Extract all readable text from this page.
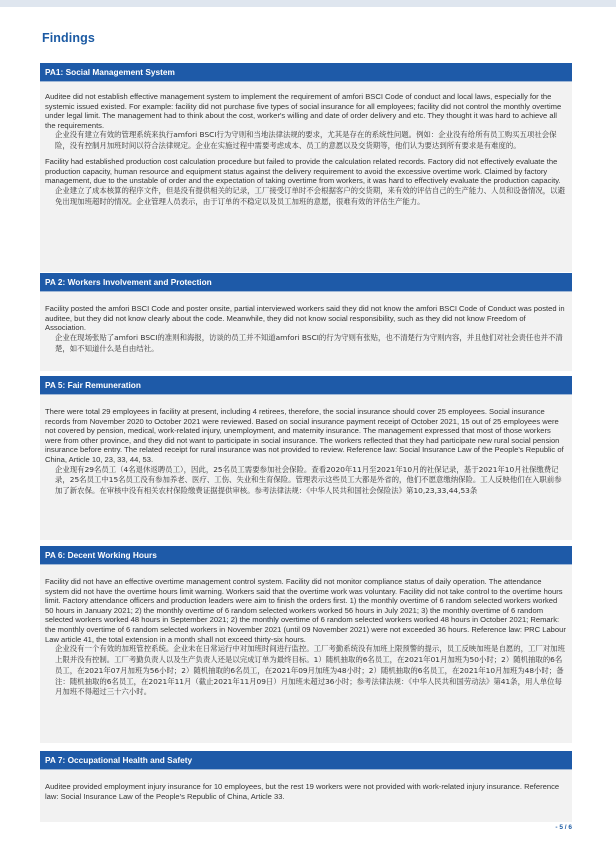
Findings
PA1: Social Management System

Auditee did not establish effective management system to implement the requirement of amfori BSCI Code of conduct and local laws, especially for the systemic issued existed. For example: facility did not purchase five types of social insurance for all employees; facility did not control the monthly overtime under legal limit. The management had to think about the cost, worker's willing and date of order delivery and etc. They thought it was hard to achieve all the requirements.

企业没有建立有效的管理系统来执行amfori BSCI行为守则和当地法律法规的要求，尤其是存在的系统性问题。例如：企业没有给所有员工购买五项社会保险，没有控制月加班时间以符合法律规定。企业在实施过程中需要考虑成本、员工的意愿以及交货期等，他们认为要达到所有要求是有难度的。

Facility had established production cost calculation procedure but failed to provide the calculation related records. Factory did not effectively evaluate the production capacity, human resource and equipment status against the delivery requirement to avoid the excessive overtime work. Claimed by factory management, due to the unstable of order and the expectation of taking overtime from workers, it was hard to effectively evaluate the production capacity.

企业建立了成本核算的程序文件，但是没有提供相关的记录，工厂接受订单时不会根据客户的交货期，来有效的评估自己的生产能力、人员和设备情况，以避免出现加班超时的情况。企业管理人员表示，由于订单的不稳定以及员工加班的意愿，很难有效的评估生产能力。

PA 2: Workers Involvement and Protection

Facility posted the amfori BSCI Code and poster onsite, partial interviewed workers said they did not know the amfori BSCI Code of Conduct was posted in auditee, but they did not know clearly about the code. Meanwhile, they did not know social responsibility, such as they did not know Freedom of Association.

企业在现场张贴了amfori BSCI的准则和海报，访谈的员工并不知道amfori BSCI的行为守则有张贴，也不清楚行为守则内容，并且他们对社会责任也并不清楚，如不知道什么是自由结社。

PA 5: Fair Remuneration

There were total 29 employees in facility at present, including 4 retirees, therefore, the social insurance should cover 25 employees. Social insurance records from November 2020 to October 2021 were reviewed. Based on social insurance payment receipt of October 2021, 15 out of 25 employees were not covered by pension, medical, work-related injury, unemployment, and maternity insurance. The management expressed that most of those workers were from other province, and they did not want to participate in social insurance. The workers reflected that they had participate new rural social pension insurance before entry. The related receipt for rural insurance was not provided to review. Reference law: Social Insurance Law of the People's Republic of China, Article 10, 23, 33, 44, 53.

企业现有29名员工（4名退休返聘员工），因此，25名员工需要参加社会保险。查看2020年11月至2021年10月的社保记录，基于2021年10月社保缴费记录，25名员工中15名员工没有参加养老、医疗、工伤、失业和生育保险。管理表示这些员工大都是外省的，他们不愿意缴纳保险。工人反映他们在入职前参加了新农保。在审核中没有相关农村保险缴费证据提供审核。参考法律法规：《中华人民共和国社会保险法》第10,23,33,44,53条

PA 6: Decent Working Hours

Facility did not have an effective overtime management control system. Facility did not monitor compliance status of daily operation. The attendance system did not have the overtime hours limit warning. Workers said that the overtime work was voluntary. Facility did not take control to the overtime hours limit. Factory attendance officers and production leaders were aim to finish the orders first. 1) the monthly overtime of 6 random selected workers worked 50 hours in January 2021; 2) the monthly overtime of 6 random selected workers worked 56 hours in July 2021; 3) the monthly overtime of 6 random selected workers worked 48 hours in September 2021; 2) the monthly overtime of 6 random selected workers worked 48 hours in October 2021; Remark: the monthly overtime of 6 random selected workers in November 2021 (until 09 November 2021) were not exceeded 36 hours. Reference law: PRC Labour Law article 41, the total extension in a month shall not exceed thirty-six hours.

企业没有一个有效的加班管控系统。企业未在日常运行中对加班时间进行监控。工厂考勤系统没有加班上限预警的提示，员工反映加班是自愿的，工厂对加班上限并没有控制。工厂考勤负责人以及生产负责人还是以完成订单为最终目标。1）随机抽取的6名员工，在2021年01月加班为50小时；2）随机抽取的6名员工，在2021年07月加班为56小时；2）随机抽取的6名员工，在2021年09月加班为48小时；2）随机抽取的6名员工，在2021年10月加班为48小时；备注：随机抽取的6名员工，在2021年11月（截止2021年11月09日）月加班未超过36小时；参考法律法规：《中华人民共和国劳动法》第41条，用人单位每月加班不得超过三十六小时。

PA 7: Occupational Health and Safety

Auditee provided employment injury insurance for 10 employees, but the rest 19 workers were not provided with work-related injury insurance. Reference law: Social Insurance Law of the People's Republic of China, Article 33.

- 5 / 6
